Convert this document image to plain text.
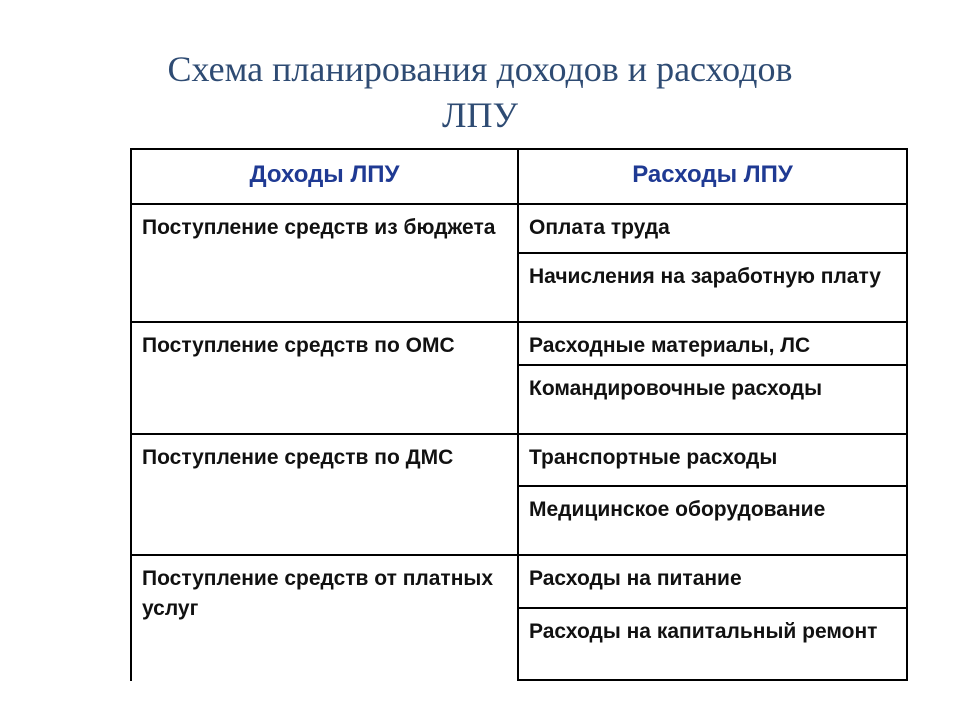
Схема планирования доходов и расходов
ЛПУ
Доходы ЛПУ	Расходы ЛПУ
Поступление средств из бюджета
Поступление средств по ОМС
Поступление средств по ДМС
Поступление средств от платных услуг
Оплата труда
Начисления на заработную плату
Расходные материалы, ЛС
Командировочные расходы
Транспортные расходы
Медицинское оборудование
Расходы на питание
Расходы на капитальный ремонт
